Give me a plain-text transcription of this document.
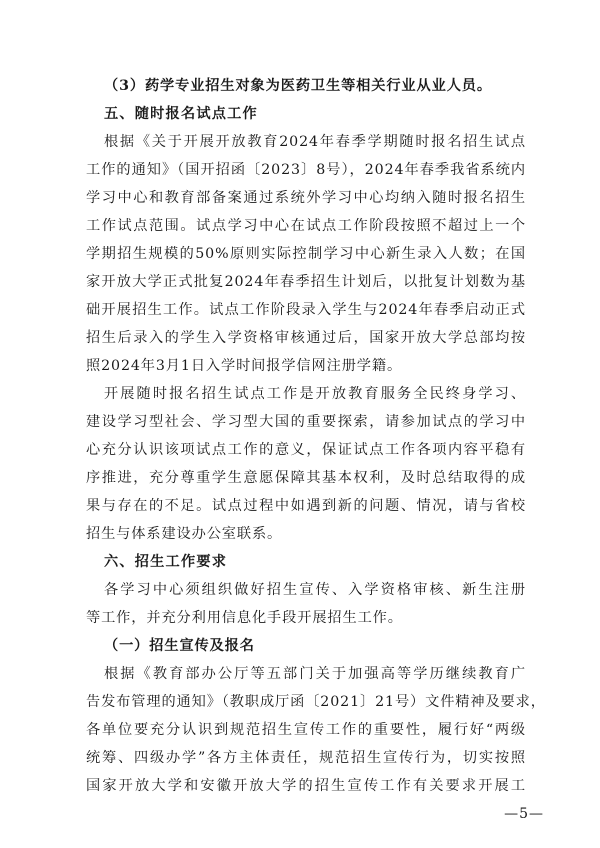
（3）药学专业招生对象为医药卫生等相关行业从业人员。
五、随时报名试点工作
根据《关于开展开放教育2024年春季学期随时报名招生试点
工作的通知》（国开招函〔2023〕8号），2024年春季我省系统内
学习中心和教育部备案通过系统外学习中心均纳入随时报名招生
工作试点范围。试点学习中心在试点工作阶段按照不超过上一个
学期招生规模的50%原则实际控制学习中心新生录入人数；在国
家开放大学正式批复2024年春季招生计划后，以批复计划数为基
础开展招生工作。试点工作阶段录入学生与2024年春季启动正式
招生后录入的学生入学资格审核通过后，国家开放大学总部均按
照2024年3月1日入学时间报学信网注册学籍。
开展随时报名招生试点工作是开放教育服务全民终身学习、
建设学习型社会、学习型大国的重要探索，请参加试点的学习中
心充分认识该项试点工作的意义，保证试点工作各项内容平稳有
序推进，充分尊重学生意愿保障其基本权利，及时总结取得的成
果与存在的不足。试点过程中如遇到新的问题、情况，请与省校
招生与体系建设办公室联系。
六、招生工作要求
各学习中心须组织做好招生宣传、入学资格审核、新生注册
等工作，并充分利用信息化手段开展招生工作。
（一）招生宣传及报名
根据《教育部办公厅等五部门关于加强高等学历继续教育广
告发布管理的通知》（教职成厅函〔2021〕21号）文件精神及要求，
各单位要充分认识到规范招生宣传工作的重要性，履行好“两级
统筹、四级办学”各方主体责任，规范招生宣传行为，切实按照
国家开放大学和安徽开放大学的招生宣传工作有关要求开展工
—5—
